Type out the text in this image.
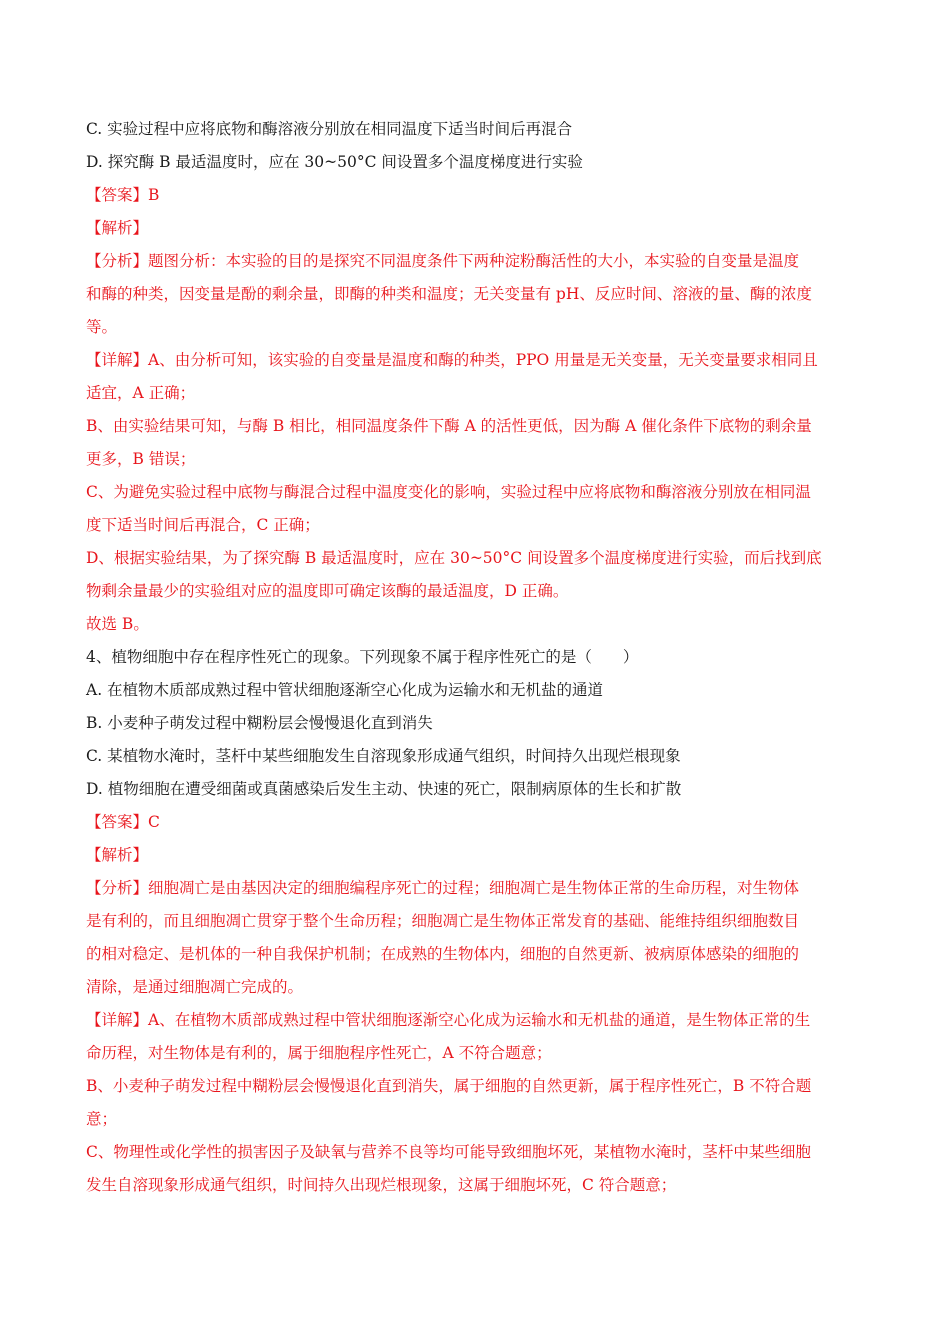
C. 实验过程中应将底物和酶溶液分别放在相同温度下适当时间后再混合
D. 探究酶 B 最适温度时，应在 30~50°C 间设置多个温度梯度进行实验
【答案】B
【解析】
【分析】题图分析：本实验的目的是探究不同温度条件下两种淀粉酶活性的大小，本实验的自变量是温度
和酶的种类，因变量是酚的剩余量，即酶的种类和温度；无关变量有 pH、反应时间、溶液的量、酶的浓度
等。
【详解】A、由分析可知，该实验的自变量是温度和酶的种类，PPO 用量是无关变量，无关变量要求相同且
适宜，A 正确；
B、由实验结果可知，与酶 B 相比，相同温度条件下酶 A 的活性更低，因为酶 A 催化条件下底物的剩余量
更多，B 错误；
C、为避免实验过程中底物与酶混合过程中温度变化的影响，实验过程中应将底物和酶溶液分别放在相同温
度下适当时间后再混合，C 正确；
D、根据实验结果，为了探究酶 B 最适温度时，应在 30~50°C 间设置多个温度梯度进行实验，而后找到底
物剩余量最少的实验组对应的温度即可确定该酶的最适温度，D 正确。
故选 B。
4、植物细胞中存在程序性死亡的现象。下列现象不属于程序性死亡的是（　　）
A. 在植物木质部成熟过程中管状细胞逐渐空心化成为运输水和无机盐的通道
B. 小麦种子萌发过程中糊粉层会慢慢退化直到消失
C. 某植物水淹时，茎杆中某些细胞发生自溶现象形成通气组织，时间持久出现烂根现象
D. 植物细胞在遭受细菌或真菌感染后发生主动、快速的死亡，限制病原体的生长和扩散
【答案】C
【解析】
【分析】细胞凋亡是由基因决定的细胞编程序死亡的过程；细胞凋亡是生物体正常的生命历程，对生物体
是有利的，而且细胞凋亡贯穿于整个生命历程；细胞凋亡是生物体正常发育的基础、能维持组织细胞数目
的相对稳定、是机体的一种自我保护机制；在成熟的生物体内，细胞的自然更新、被病原体感染的细胞的
清除，是通过细胞凋亡完成的。
【详解】A、在植物木质部成熟过程中管状细胞逐渐空心化成为运输水和无机盐的通道，是生物体正常的生
命历程，对生物体是有利的，属于细胞程序性死亡，A 不符合题意；
B、小麦种子萌发过程中糊粉层会慢慢退化直到消失，属于细胞的自然更新，属于程序性死亡，B 不符合题
意；
C、物理性或化学性的损害因子及缺氧与营养不良等均可能导致细胞坏死，某植物水淹时，茎杆中某些细胞
发生自溶现象形成通气组织，时间持久出现烂根现象，这属于细胞坏死，C 符合题意；
